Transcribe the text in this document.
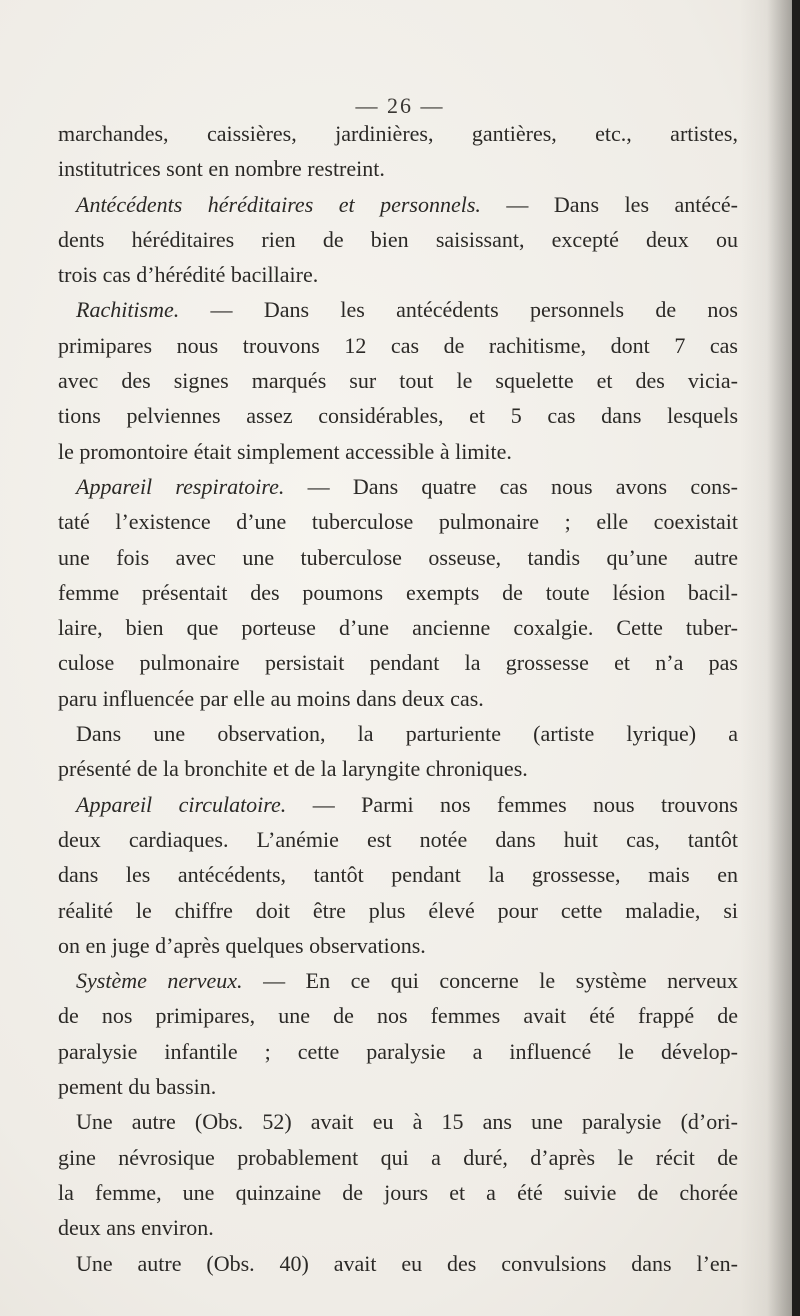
— 26 —
marchandes, caissières, jardinières, gantières, etc., artistes,
institutrices sont en nombre restreint.
Antécédents héréditaires et personnels. — Dans les antécé-
dents héréditaires rien de bien saisissant, excepté deux ou
trois cas d’hérédité bacillaire.
Rachitisme. — Dans les antécédents personnels de nos
primipares nous trouvons 12 cas de rachitisme, dont 7 cas
avec des signes marqués sur tout le squelette et des vicia-
tions pelviennes assez considérables, et 5 cas dans lesquels
le promontoire était simplement accessible à limite.
Appareil respiratoire. — Dans quatre cas nous avons cons-
taté l’existence d’une tuberculose pulmonaire ; elle coexistait
une fois avec une tuberculose osseuse, tandis qu’une autre
femme présentait des poumons exempts de toute lésion bacil-
laire, bien que porteuse d’une ancienne coxalgie. Cette tuber-
culose pulmonaire persistait pendant la grossesse et n’a pas
paru influencée par elle au moins dans deux cas.
Dans une observation, la parturiente (artiste lyrique) a
présenté de la bronchite et de la laryngite chroniques.
Appareil circulatoire. — Parmi nos femmes nous trouvons
deux cardiaques. L’anémie est notée dans huit cas, tantôt
dans les antécédents, tantôt pendant la grossesse, mais en
réalité le chiffre doit être plus élevé pour cette maladie, si
on en juge d’après quelques observations.
Système nerveux. — En ce qui concerne le système nerveux
de nos primipares, une de nos femmes avait été frappé de
paralysie infantile ; cette paralysie a influencé le dévelop-
pement du bassin.
Une autre (Obs. 52) avait eu à 15 ans une paralysie (d’ori-
gine névrosique probablement qui a duré, d’après le récit de
la femme, une quinzaine de jours et a été suivie de chorée
deux ans environ.
Une autre (Obs. 40) avait eu des convulsions dans l’en-
